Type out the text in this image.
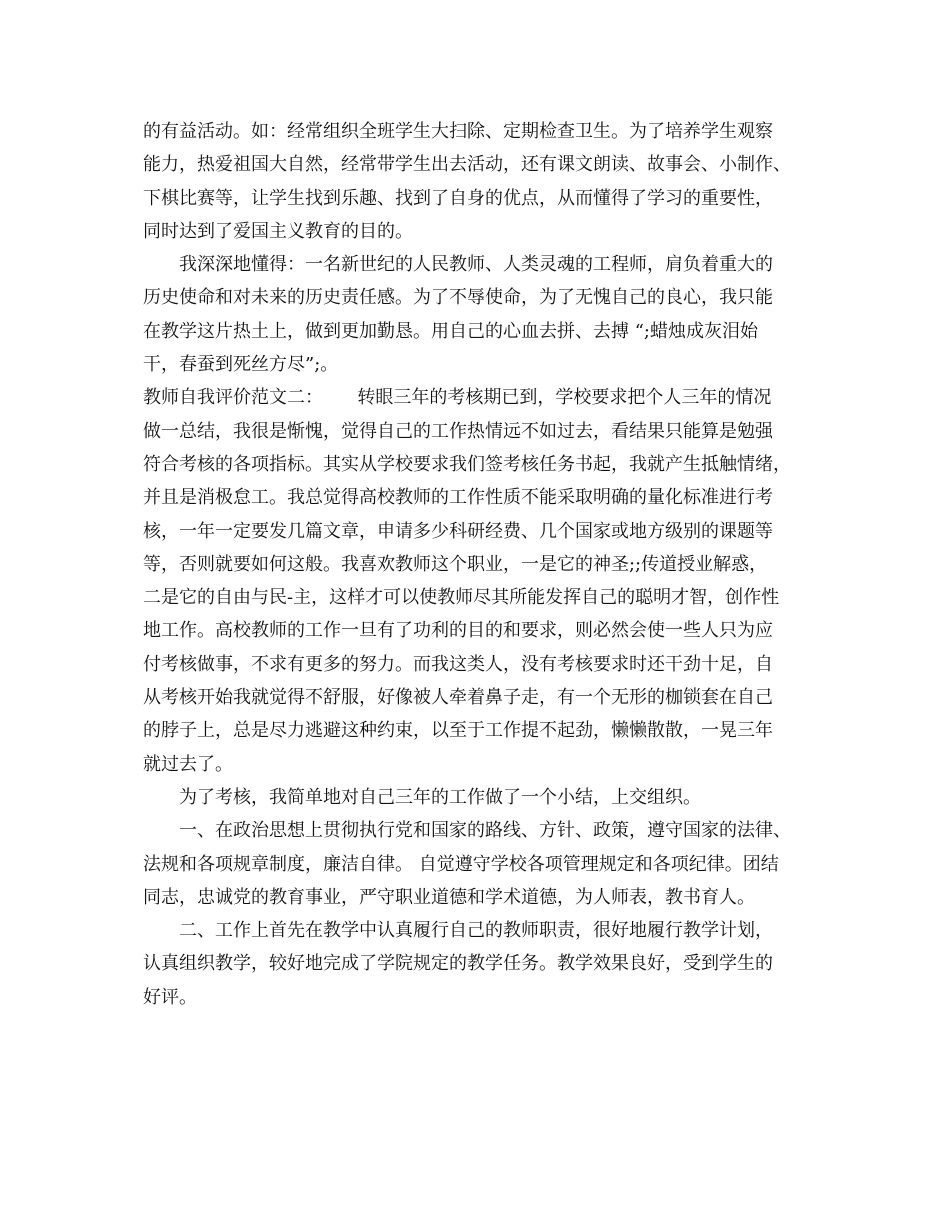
的有益活动。如：经常组织全班学生大扫除、定期检查卫生。为了培养学生观察
能力，热爱祖国大自然，经常带学生出去活动，还有课文朗读、故事会、小制作、
下棋比赛等，让学生找到乐趣、找到了自身的优点，从而懂得了学习的重要性，
同时达到了爱国主义教育的目的。
我深深地懂得：一名新世纪的人民教师、人类灵魂的工程师，肩负着重大的
历史使命和对未来的历史责任感。为了不辱使命，为了无愧自己的良心，我只能
在教学这片热土上，做到更加勤恳。用自己的心血去拼、去搏 “;蜡烛成灰泪始
干，春蚕到死丝方尽”;。
教师自我评价范文二：      转眼三年的考核期已到，学校要求把个人三年的情况
做一总结，我很是惭愧，觉得自己的工作热情远不如过去，看结果只能算是勉强
符合考核的各项指标。其实从学校要求我们签考核任务书起，我就产生抵触情绪，
并且是消极怠工。我总觉得高校教师的工作性质不能采取明确的量化标准进行考
核，一年一定要发几篇文章，申请多少科研经费、几个国家或地方级别的课题等
等，否则就要如何这般。我喜欢教师这个职业，一是它的神圣;;传道授业解惑，
二是它的自由与民-主，这样才可以使教师尽其所能发挥自己的聪明才智，创作性
地工作。高校教师的工作一旦有了功利的目的和要求，则必然会使一些人只为应
付考核做事，不求有更多的努力。而我这类人，没有考核要求时还干劲十足，自
从考核开始我就觉得不舒服，好像被人牵着鼻子走，有一个无形的枷锁套在自己
的脖子上，总是尽力逃避这种约束，以至于工作提不起劲，懒懒散散，一晃三年
就过去了。
为了考核，我简单地对自己三年的工作做了一个小结，上交组织。
一、在政治思想上贯彻执行党和国家的路线、方针、政策，遵守国家的法律、
法规和各项规章制度，廉洁自律。 自觉遵守学校各项管理规定和各项纪律。团结
同志，忠诚党的教育事业，严守职业道德和学术道德，为人师表，教书育人。
二、工作上首先在教学中认真履行自己的教师职责，很好地履行教学计划，
认真组织教学，较好地完成了学院规定的教学任务。教学效果良好，受到学生的
好评。
